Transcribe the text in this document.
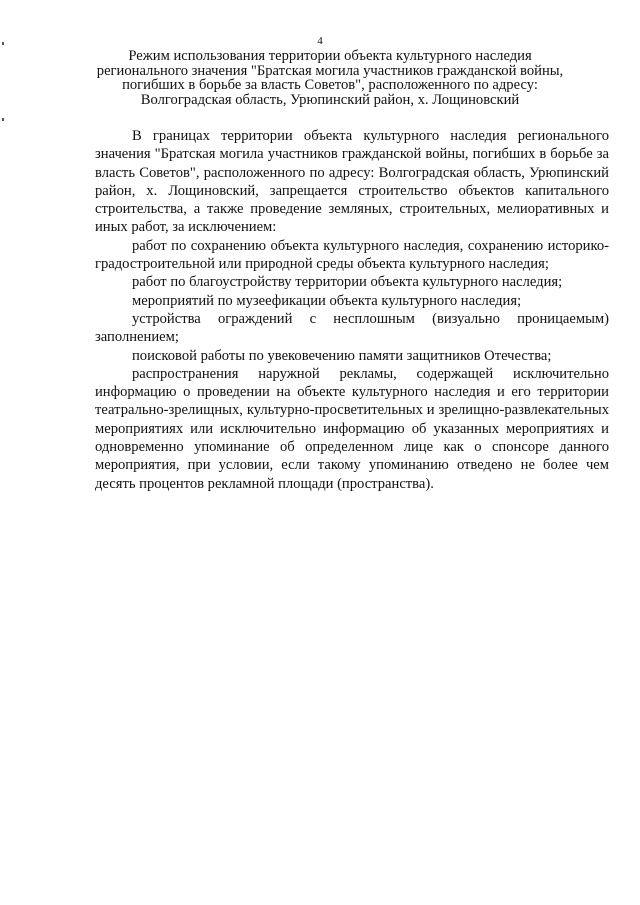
4
Режим использования территории объекта культурного наследия
регионального значения "Братская могила участников гражданской войны,
погибших в борьбе за власть Советов", расположенного по адресу:
Волгоградская область, Урюпинский район, х. Лощиновский

В границах территории объекта культурного наследия регионального значения "Братская могила участников гражданской войны, погибших в борьбе за власть Советов", расположенного по адресу: Волгоградская область, Урюпинский район, х. Лощиновский, запрещается строительство объектов капитального строительства, а также проведение земляных, строительных, мелиоративных и иных работ, за исключением:

работ по сохранению объекта культурного наследия, сохранению историко-градостроительной или природной среды объекта культурного наследия;

работ по благоустройству территории объекта культурного наследия;

мероприятий по музеефикации объекта культурного наследия;

устройства ограждений с несплошным (визуально проницаемым) заполнением;

поисковой работы по увековечению памяти защитников Отечества;

распространения наружной рекламы, содержащей исключительно информацию о проведении на объекте культурного наследия и его территории театрально-зрелищных, культурно-просветительных и зрелищно-развлекательных мероприятиях или исключительно информацию об указанных мероприятиях и одновременно упоминание об определенном лице как о спонсоре данного мероприятия, при условии, если такому упоминанию отведено не более чем десять процентов рекламной площади (пространства).
